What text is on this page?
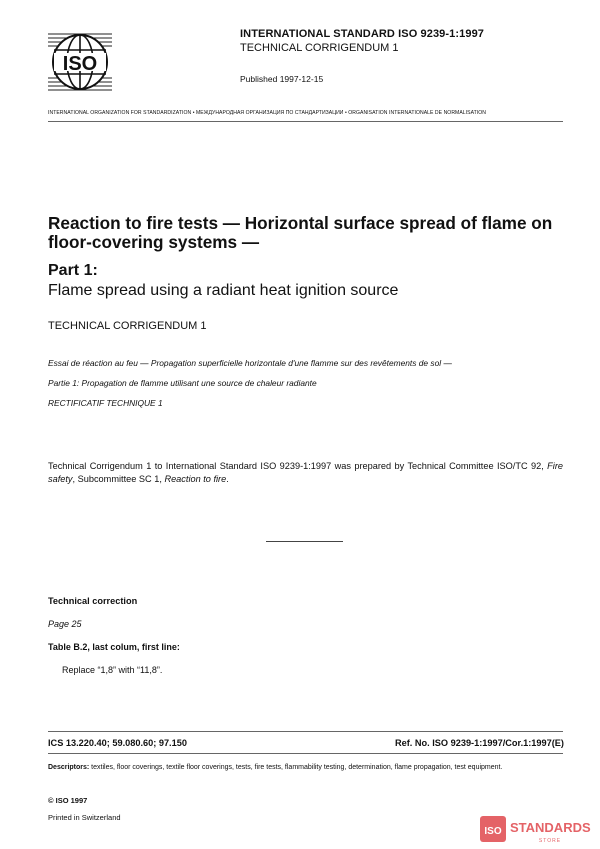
ISO
INTERNATIONAL STANDARD ISO 9239-1:1997
TECHNICAL CORRIGENDUM 1
Published 1997-12-15
INTERNATIONAL ORGANIZATION FOR STANDARDIZATION • МЕЖДУНАРОДНАЯ ОРГАНИЗАЦИЯ ПО СТАНДАРТИЗАЦИИ • ORGANISATION INTERNATIONALE DE NORMALISATION
Reaction to fire tests — Horizontal surface spread of flame on floor-covering systems —
Part 1:
Flame spread using a radiant heat ignition source
TECHNICAL CORRIGENDUM 1
Essai de réaction au feu — Propagation superficielle horizontale d'une flamme sur des revêtements de sol —
Partie 1: Propagation de flamme utilisant une source de chaleur radiante
RECTIFICATIF TECHNIQUE 1
Technical Corrigendum 1 to International Standard ISO 9239-1:1997 was prepared by Technical Committee ISO/TC 92, Fire safety, Subcommittee SC 1, Reaction to fire.
Technical correction
Page 25
Table B.2, last colum, first line:
Replace “1,8” with “11,8”.
ICS 13.220.40; 59.080.60; 97.150	Ref. No. ISO 9239-1:1997/Cor.1:1997(E)
Descriptors: textiles, floor coverings, textile floor coverings, tests, fire tests, flammability testing, determination, flame propagation, test equipment.
© ISO 1997
Printed in Switzerland
ISO STANDARDS
STORE
